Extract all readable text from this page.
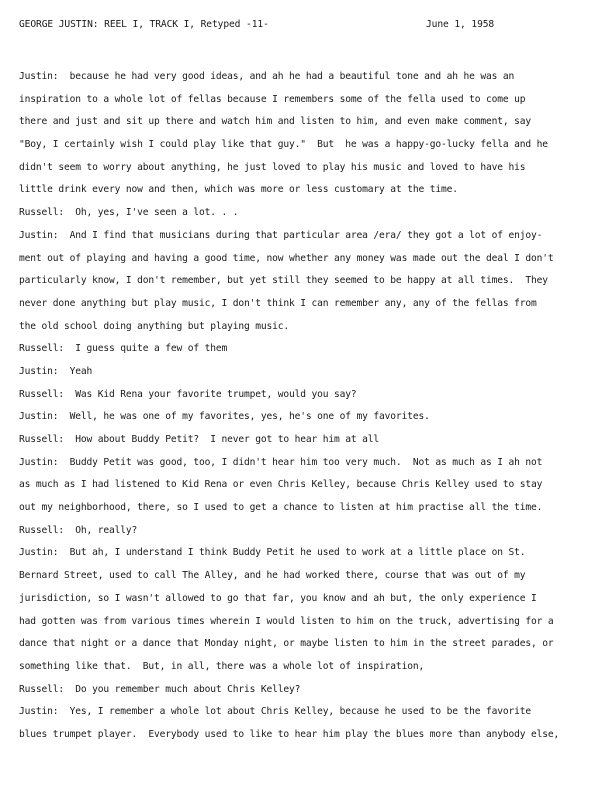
GEORGE JUSTIN: REEL I, TRACK I, Retyped -11-	June 1, 1958
Justin:  because he had very good ideas, and ah he had a beautiful tone and ah he was an
inspiration to a whole lot of fellas because I remembers some of the fella used to come up
there and just and sit up there and watch him and listen to him, and even make comment, say
"Boy, I certainly wish I could play like that guy."  But  he was a happy-go-lucky fella and he
didn't seem to worry about anything, he just loved to play his music and loved to have his
little drink every now and then, which was more or less customary at the time.
Russell:  Oh, yes, I've seen a lot. . .
Justin:  And I find that musicians during that particular area /era/ they got a lot of enjoy-
ment out of playing and having a good time, now whether any money was made out the deal I don't
particularly know, I don't remember, but yet still they seemed to be happy at all times.  They
never done anything but play music, I don't think I can remember any, any of the fellas from
the old school doing anything but playing music.
Russell:  I guess quite a few of them
Justin:  Yeah
Russell:  Was Kid Rena your favorite trumpet, would you say?
Justin:  Well, he was one of my favorites, yes, he's one of my favorites.
Russell:  How about Buddy Petit?  I never got to hear him at all
Justin:  Buddy Petit was good, too, I didn't hear him too very much.  Not as much as I ah not
as much as I had listened to Kid Rena or even Chris Kelley, because Chris Kelley used to stay
out my neighborhood, there, so I used to get a chance to listen at him practise all the time.
Russell:  Oh, really?
Justin:  But ah, I understand I think Buddy Petit he used to work at a little place on St.
Bernard Street, used to call The Alley, and he had worked there, course that was out of my
jurisdiction, so I wasn't allowed to go that far, you know and ah but, the only experience I
had gotten was from various times wherein I would listen to him on the truck, advertising for a
dance that night or a dance that Monday night, or maybe listen to him in the street parades, or
something like that.  But, in all, there was a whole lot of inspiration,
Russell:  Do you remember much about Chris Kelley?
Justin:  Yes, I remember a whole lot about Chris Kelley, because he used to be the favorite
blues trumpet player.  Everybody used to like to hear him play the blues more than anybody else,
